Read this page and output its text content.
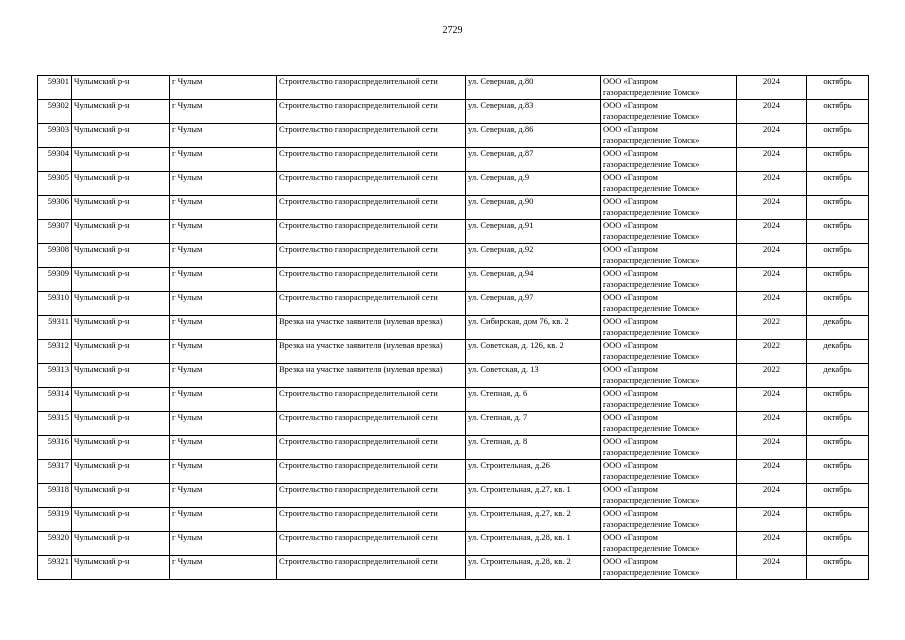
2729
59301	Чулымский р-н	г Чулым	Строительство газораспределительной сети	ул. Северная, д.80	ООО «Газпром
газораспределение Томск»	2024	октябрь
59302	Чулымский р-н	г Чулым	Строительство газораспределительной сети	ул. Северная, д.83	ООО «Газпром
газораспределение Томск»	2024	октябрь
59303	Чулымский р-н	г Чулым	Строительство газораспределительной сети	ул. Северная, д.86	ООО «Газпром
газораспределение Томск»	2024	октябрь
59304	Чулымский р-н	г Чулым	Строительство газораспределительной сети	ул. Северная, д.87	ООО «Газпром
газораспределение Томск»	2024	октябрь
59305	Чулымский р-н	г Чулым	Строительство газораспределительной сети	ул. Северная, д.9	ООО «Газпром
газораспределение Томск»	2024	октябрь
59306	Чулымский р-н	г Чулым	Строительство газораспределительной сети	ул. Северная, д.90	ООО «Газпром
газораспределение Томск»	2024	октябрь
59307	Чулымский р-н	г Чулым	Строительство газораспределительной сети	ул. Северная, д.91	ООО «Газпром
газораспределение Томск»	2024	октябрь
59308	Чулымский р-н	г Чулым	Строительство газораспределительной сети	ул. Северная, д.92	ООО «Газпром
газораспределение Томск»	2024	октябрь
59309	Чулымский р-н	г Чулым	Строительство газораспределительной сети	ул. Северная, д.94	ООО «Газпром
газораспределение Томск»	2024	октябрь
59310	Чулымский р-н	г Чулым	Строительство газораспределительной сети	ул. Северная, д.97	ООО «Газпром
газораспределение Томск»	2024	октябрь
59311	Чулымский р-н	г Чулым	Врезка на участке заявителя (нулевая врезка)	ул. Сибирская, дом 76, кв. 2	ООО «Газпром
газораспределение Томск»	2022	декабрь
59312	Чулымский р-н	г Чулым	Врезка на участке заявителя (нулевая врезка)	ул. Советская, д. 126, кв. 2	ООО «Газпром
газораспределение Томск»	2022	декабрь
59313	Чулымский р-н	г Чулым	Врезка на участке заявителя (нулевая врезка)	ул. Советская, д. 13	ООО «Газпром
газораспределение Томск»	2022	декабрь
59314	Чулымский р-н	г Чулым	Строительство газораспределительной сети	ул. Степная, д. 6	ООО «Газпром
газораспределение Томск»	2024	октябрь
59315	Чулымский р-н	г Чулым	Строительство газораспределительной сети	ул. Степная, д. 7	ООО «Газпром
газораспределение Томск»	2024	октябрь
59316	Чулымский р-н	г Чулым	Строительство газораспределительной сети	ул. Степная, д. 8	ООО «Газпром
газораспределение Томск»	2024	октябрь
59317	Чулымский р-н	г Чулым	Строительство газораспределительной сети	ул. Строительная, д.26	ООО «Газпром
газораспределение Томск»	2024	октябрь
59318	Чулымский р-н	г Чулым	Строительство газораспределительной сети	ул. Строительная, д.27, кв. 1	ООО «Газпром
газораспределение Томск»	2024	октябрь
59319	Чулымский р-н	г Чулым	Строительство газораспределительной сети	ул. Строительная, д.27, кв. 2	ООО «Газпром
газораспределение Томск»	2024	октябрь
59320	Чулымский р-н	г Чулым	Строительство газораспределительной сети	ул. Строительная, д.28, кв. 1	ООО «Газпром
газораспределение Томск»	2024	октябрь
59321	Чулымский р-н	г Чулым	Строительство газораспределительной сети	ул. Строительная, д.28, кв. 2	ООО «Газпром
газораспределение Томск»	2024	октябрь
